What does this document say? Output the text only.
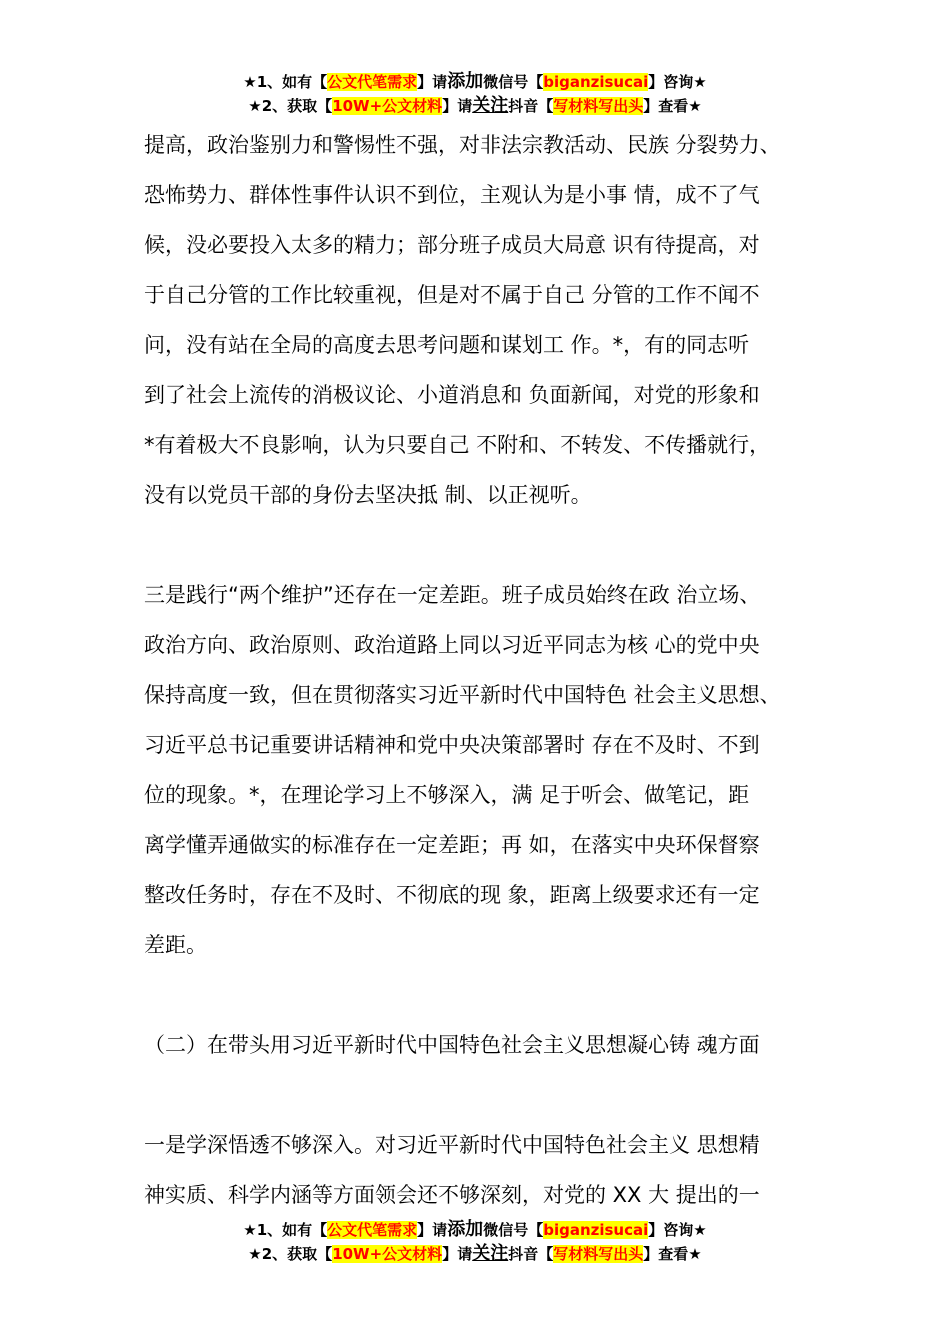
★1、如有【公文代笔需求】请添加微信号【biganzisucai】咨询★
★2、获取【10W+公文材料】请关注抖音【写材料写出头】查看★

提高，政治鉴别力和警惕性不强，对非法宗教活动、民族 分裂势力、
恐怖势力、群体性事件认识不到位，主观认为是小事 情，成不了气
候，没必要投入太多的精力；部分班子成员大局意 识有待提高，对
于自己分管的工作比较重视，但是对不属于自己 分管的工作不闻不
问，没有站在全局的高度去思考问题和谋划工 作。*，有的同志听
到了社会上流传的消极议论、小道消息和 负面新闻，对党的形象和
*有着极大不良影响，认为只要自己 不附和、不转发、不传播就行，
没有以党员干部的身份去坚决抵 制、以正视听。

三是践行“两个维护”还存在一定差距。班子成员始终在政 治立场、
政治方向、政治原则、政治道路上同以习近平同志为核 心的党中央
保持高度一致，但在贯彻落实习近平新时代中国特色 社会主义思想、
习近平总书记重要讲话精神和党中央决策部署时 存在不及时、不到
位的现象。*，在理论学习上不够深入，满 足于听会、做笔记，距
离学懂弄通做实的标准存在一定差距；再 如，在落实中央环保督察
整改任务时，存在不及时、不彻底的现 象，距离上级要求还有一定
差距。

（二）在带头用习近平新时代中国特色社会主义思想凝心铸 魂方面

一是学深悟透不够深入。对习近平新时代中国特色社会主义 思想精
神实质、科学内涵等方面领会还不够深刻，对党的 XX 大 提出的一

★1、如有【公文代笔需求】请添加微信号【biganzisucai】咨询★
★2、获取【10W+公文材料】请关注抖音【写材料写出头】查看★
